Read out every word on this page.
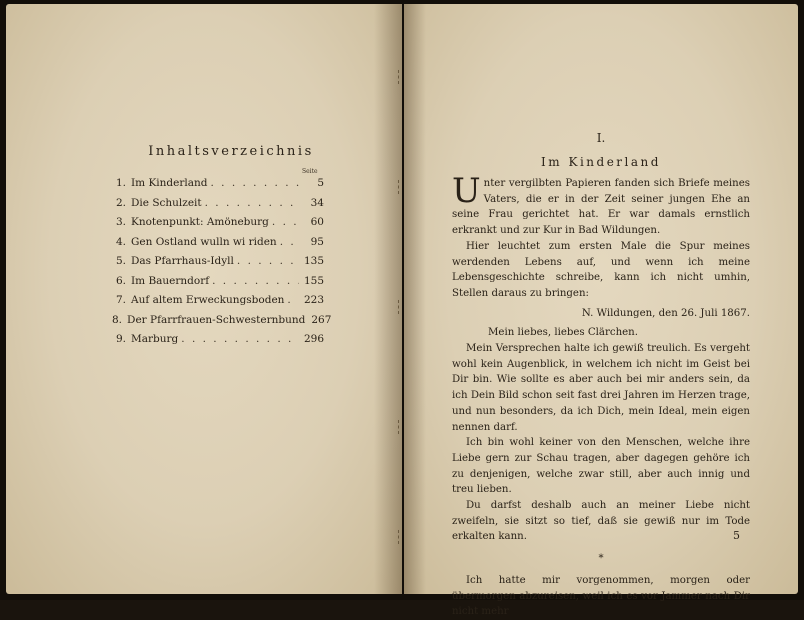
Inhaltsverzeichnis
Seite
1. Im Kinderland . . .	5
2. Die Schulzeit . . .	34
3. Knotenpunkt: Amöneburg . . .	60
4. Gen Ostland wulln wi riden . . .	95
5. Das Pfarrhaus-Idyll . . .	135
6. Im Bauerndorf . . .	155
7. Auf altem Erweckungsboden . . . 223
8. Der Pfarrfrauen-Schwesternbund 267
9. Marburg . . .	296
I.
Im Kinderland

Unter vergilbten Papieren fanden sich Briefe meines Vaters, die er in der Zeit seiner jungen Ehe an seine Frau gerichtet hat. Er war damals ernstlich erkrankt und zur Kur in Bad Wildungen.

Hier leuchtet zum ersten Male die Spur meines werdenden Lebens auf, und wenn ich meine Lebensgeschichte schreibe, kann ich nicht umhin, Stellen daraus zu bringen:

N. Wildungen, den 26. Juli 1867.

Mein liebes, liebes Clärchen.

Mein Versprechen halte ich gewiß treulich. Es vergeht wohl kein Augenblick, in welchem ich nicht im Geist bei Dir bin. Wie sollte es aber auch bei mir anders sein, da ich Dein Bild schon seit fast drei Jahren im Herzen trage, und nun besonders, da ich Dich, mein Ideal, mein eigen nennen darf.

Ich bin wohl keiner von den Menschen, welche ihre Liebe gern zur Schau tragen, aber dagegen gehöre ich zu denjenigen, welche zwar still, aber auch innig und treu lieben.

Du darfst deshalb auch an meiner Liebe nicht zweifeln, sie sitzt so tief, daß sie gewiß nur im Tode erkalten kann.

*

Ich hatte mir vorgenommen, morgen oder übermorgen abzureisen, weil ich es vor Jammer nach Dir nicht mehr

5
